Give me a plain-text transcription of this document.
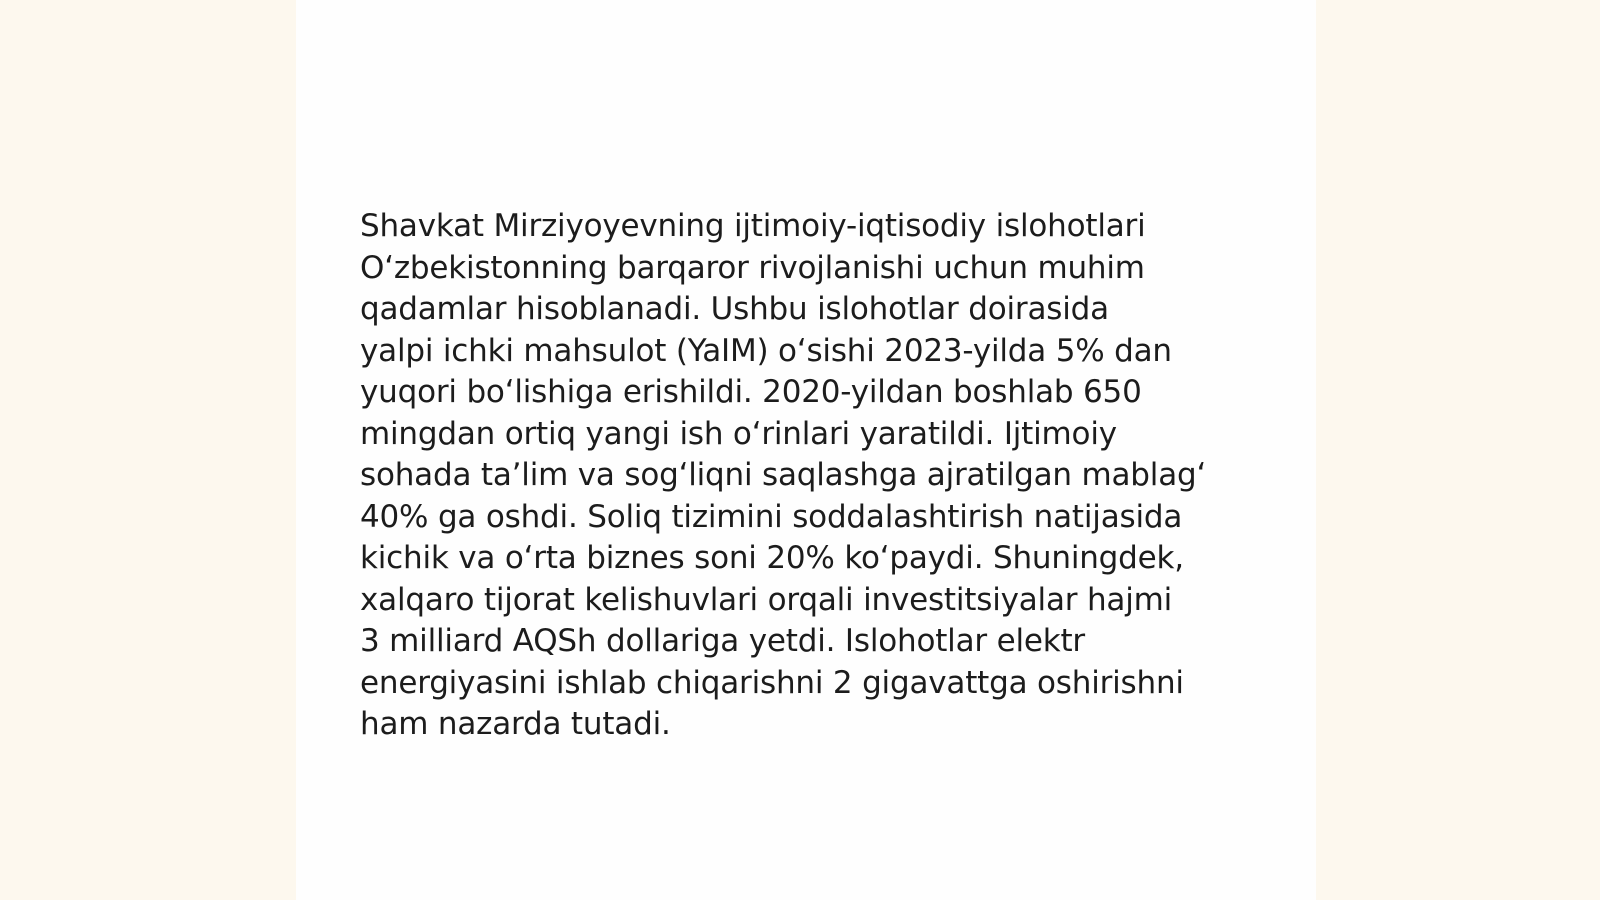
Shavkat Mirziyoyevning ijtimoiy-iqtisodiy islohotlari
O‘zbekistonning barqaror rivojlanishi uchun muhim
qadamlar hisoblanadi. Ushbu islohotlar doirasida
yalpi ichki mahsulot (YaIM) o‘sishi 2023-yilda 5% dan
yuqori bo‘lishiga erishildi. 2020-yildan boshlab 650
mingdan ortiq yangi ish o‘rinlari yaratildi. Ijtimoiy
sohada ta’lim va sog‘liqni saqlashga ajratilgan mablag‘
40% ga oshdi. Soliq tizimini soddalashtirish natijasida
kichik va o‘rta biznes soni 20% ko‘paydi. Shuningdek,
xalqaro tijorat kelishuvlari orqali investitsiyalar hajmi
3 milliard AQSh dollariga yetdi. Islohotlar elektr
energiyasini ishlab chiqarishni 2 gigavattga oshirishni
ham nazarda tutadi.
